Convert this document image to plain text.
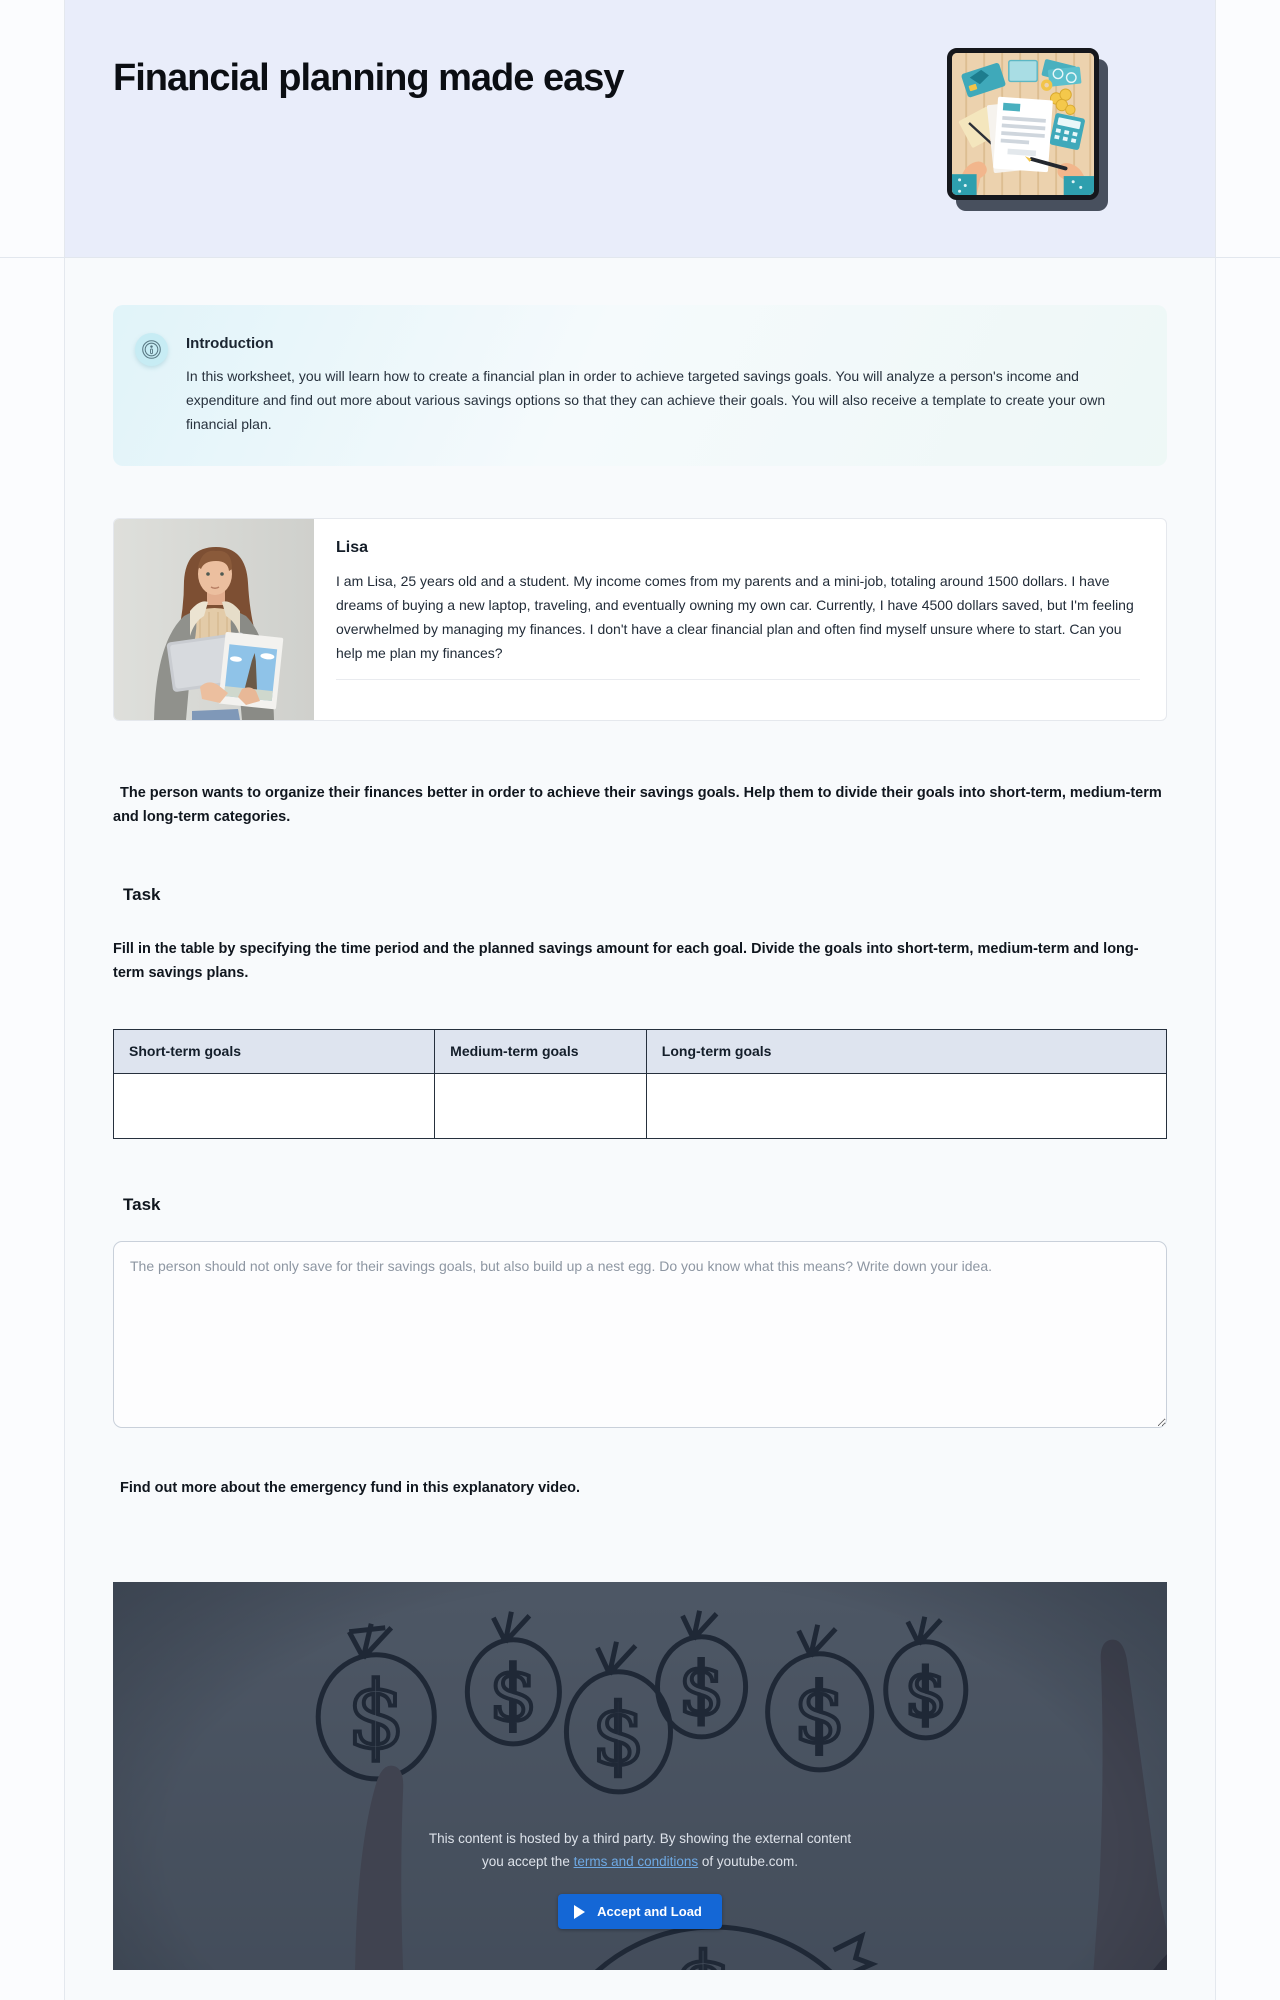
Financial planning made easy
Introduction

In this worksheet, you will learn how to create a financial plan in order to achieve targeted savings goals. You will analyze a person's income and expenditure and find out more about various savings options so that they can achieve their goals. You will also receive a template to create your own financial plan.

Lisa

I am Lisa, 25 years old and a student. My income comes from my parents and a mini-job, totaling around 1500 dollars. I have dreams of buying a new laptop, traveling, and eventually owning my own car. Currently, I have 4500 dollars saved, but I'm feeling overwhelmed by managing my finances. I don't have a clear financial plan and often find myself unsure where to start. Can you help me plan my finances?

The person wants to organize their finances better in order to achieve their savings goals. Help them to divide their goals into short-term, medium-term and long-term categories.

Task

Fill in the table by specifying the time period and the planned savings amount for each goal. Divide the goals into short-term, medium-term and long-term savings plans.

Short-term goals	Medium-term goals	Long-term goals

Task
The person should not only save for their savings goals, but also build up a nest egg. Do you know what this means? Write down your idea.

Find out more about the emergency fund in this explanatory video.

This content is hosted by a third party. By showing the external content
you accept the terms and conditions of youtube.com.
Accept and Load
